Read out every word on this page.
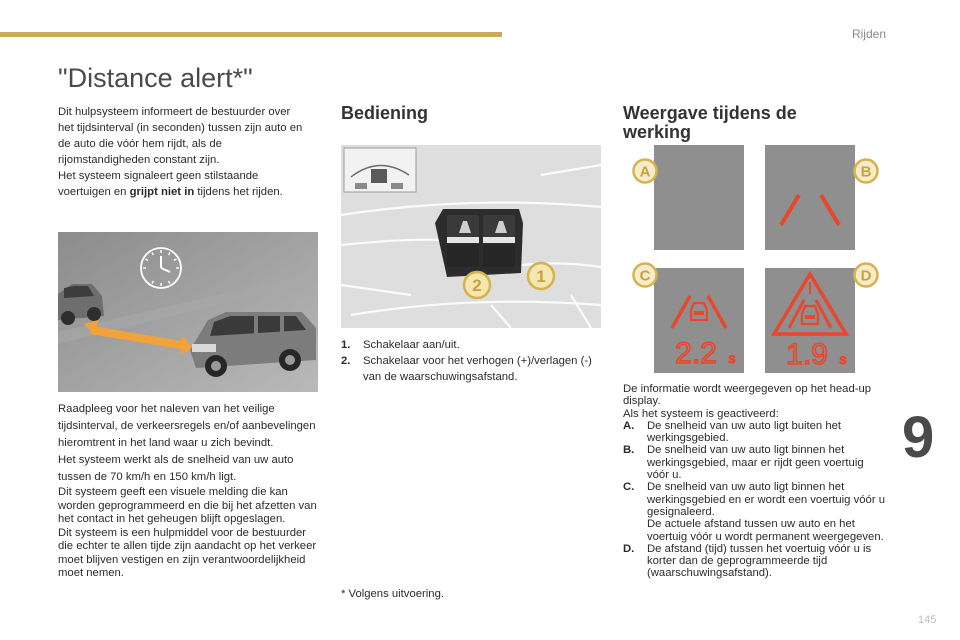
Rijden
9
145
"Distance alert*"

Dit hulpsysteem informeert de bestuurder over het tijdsinterval (in seconden) tussen zijn auto en de auto die vóór hem rijdt, als de rijomstandigheden constant zijn.

Het systeem signaleert geen stilstaande voertuigen en grijpt niet in tijdens het rijden.

Raadpleeg voor het naleven van het veilige tijdsinterval, de verkeersregels en/of aanbevelingen hieromtrent in het land waar u zich bevindt.

Het systeem werkt als de snelheid van uw auto tussen de 70 km/h en 150 km/h ligt.

Dit systeem geeft een visuele melding die kan worden geprogrammeerd en die bij het afzetten van het contact in het geheugen blijft opgeslagen.

Dit systeem is een hulpmiddel voor de bestuurder die echter te allen tijde zijn aandacht op het verkeer moet blijven vestigen en zijn verantwoordelijkheid moet nemen.

Bediening
2	1
1.	Schakelaar aan/uit.
2.	Schakelaar voor het verhogen (+)/verlagen (-) van de waarschuwingsafstand.
* Volgens uitvoering.
Weergave tijdens de werking
A	B
2.2 s
C
1.9 s
D

De informatie wordt weergegeven op het head-up display.

Als het systeem is geactiveerd:

A.	De snelheid van uw auto ligt buiten het werkingsgebied.
B.	De snelheid van uw auto ligt binnen het werkingsgebied, maar er rijdt geen voertuig vóór u.
C.	De snelheid van uw auto ligt binnen het werkingsgebied en er wordt een voertuig vóór u gesignaleerd.
De actuele afstand tussen uw auto en het voertuig vóór u wordt permanent weergegeven.
D.	De afstand (tijd) tussen het voertuig vóór u is korter dan de geprogrammeerde tijd (waarschuwingsafstand).
